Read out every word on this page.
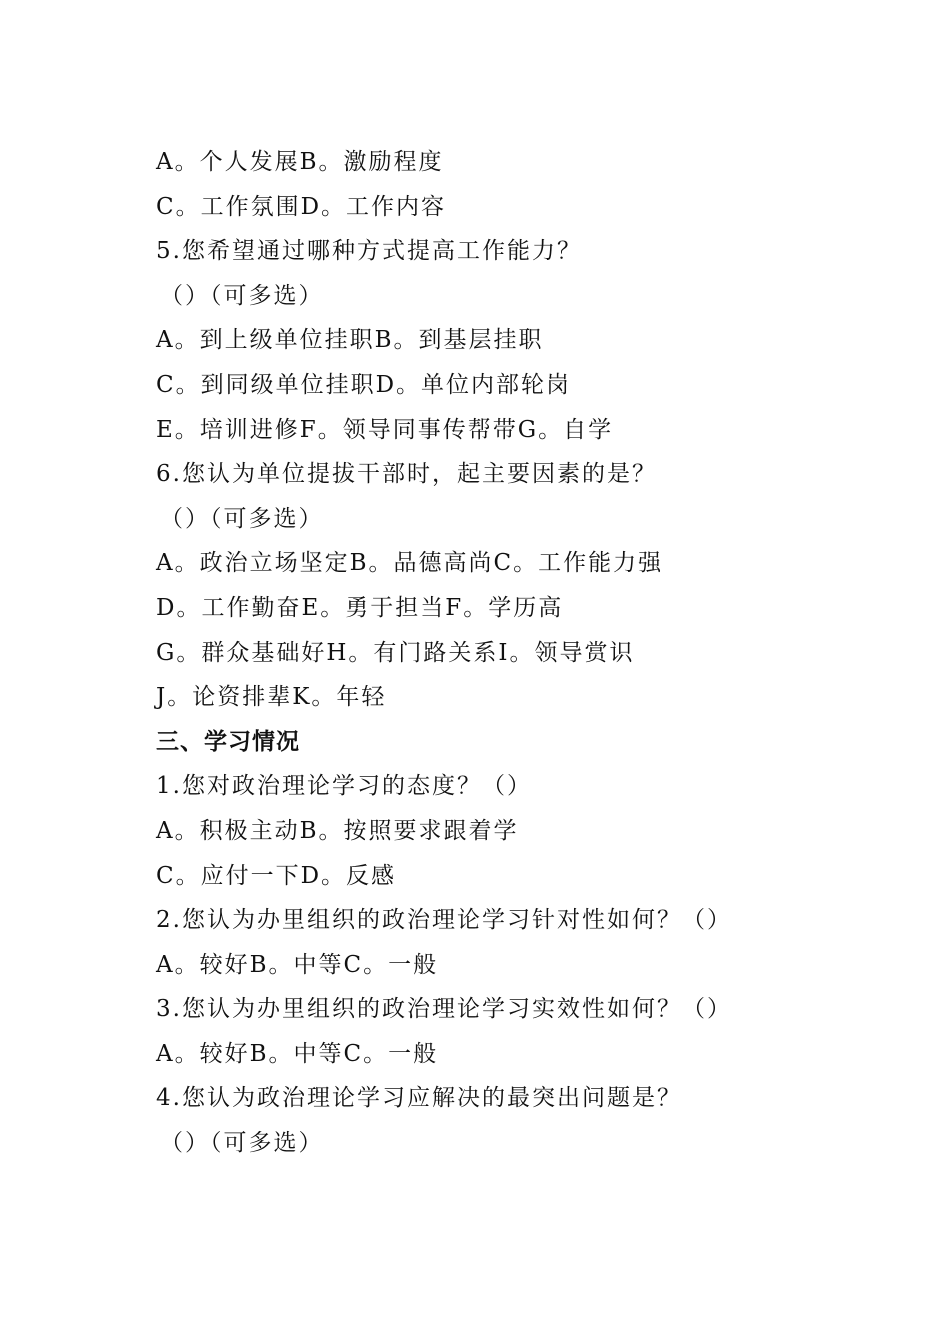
A。个人发展B。激励程度
C。工作氛围D。工作内容
5.您希望通过哪种方式提高工作能力？
（）（可多选）
A。到上级单位挂职B。到基层挂职
C。到同级单位挂职D。单位内部轮岗
E。培训进修F。领导同事传帮带G。自学
6.您认为单位提拔干部时，起主要因素的是？
（）（可多选）
A。政治立场坚定B。品德高尚C。工作能力强
D。工作勤奋E。勇于担当F。学历高
G。群众基础好H。有门路关系I。领导赏识
J。论资排辈K。年轻
三、学习情况
1.您对政治理论学习的态度？（）
A。积极主动B。按照要求跟着学
C。应付一下D。反感
2.您认为办里组织的政治理论学习针对性如何？（）
A。较好B。中等C。一般
3.您认为办里组织的政治理论学习实效性如何？（）
A。较好B。中等C。一般
4.您认为政治理论学习应解决的最突出问题是？
（）（可多选）
